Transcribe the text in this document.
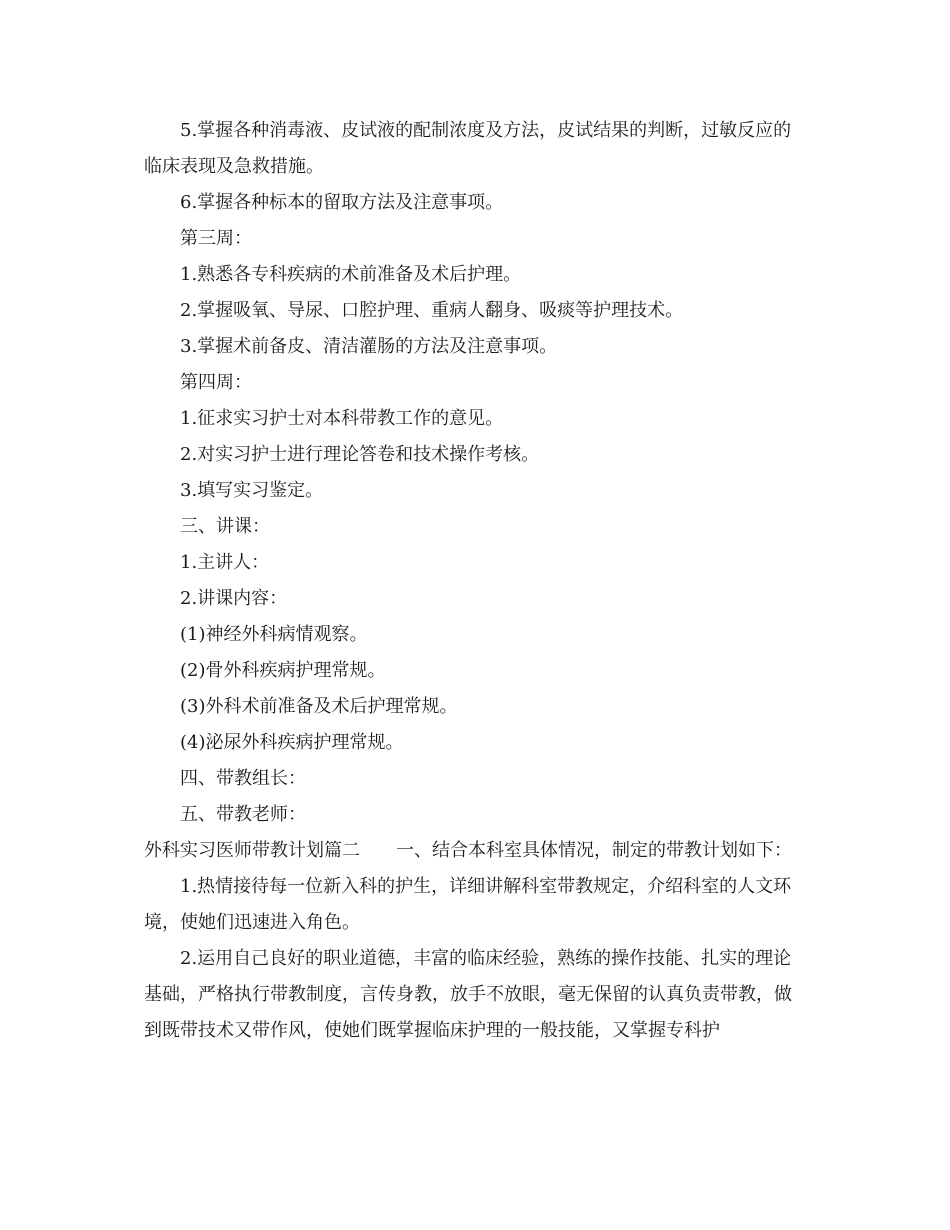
5.掌握各种消毒液、皮试液的配制浓度及方法，皮试结果的判断，过敏反应的临床表现及急救措施。

6.掌握各种标本的留取方法及注意事项。

第三周：

1.熟悉各专科疾病的术前准备及术后护理。

2.掌握吸氧、导尿、口腔护理、重病人翻身、吸痰等护理技术。

3.掌握术前备皮、清洁灌肠的方法及注意事项。

第四周：

1.征求实习护士对本科带教工作的意见。

2.对实习护士进行理论答卷和技术操作考核。

3.填写实习鉴定。

三、讲课：

1.主讲人：

2.讲课内容：

(1)神经外科病情观察。

(2)骨外科疾病护理常规。

(3)外科术前准备及术后护理常规。

(4)泌尿外科疾病护理常规。

四、带教组长：

五、带教老师：

外科实习医师带教计划篇二 一、结合本科室具体情况，制定的带教计划如下：

1.热情接待每一位新入科的护生，详细讲解科室带教规定，介绍科室的人文环境，使她们迅速进入角色。

2.运用自己良好的职业道德，丰富的临床经验，熟练的操作技能、扎实的理论基础，严格执行带教制度，言传身教，放手不放眼，毫无保留的认真负责带教，做到既带技术又带作风，使她们既掌握临床护理的一般技能，又掌握专科护
